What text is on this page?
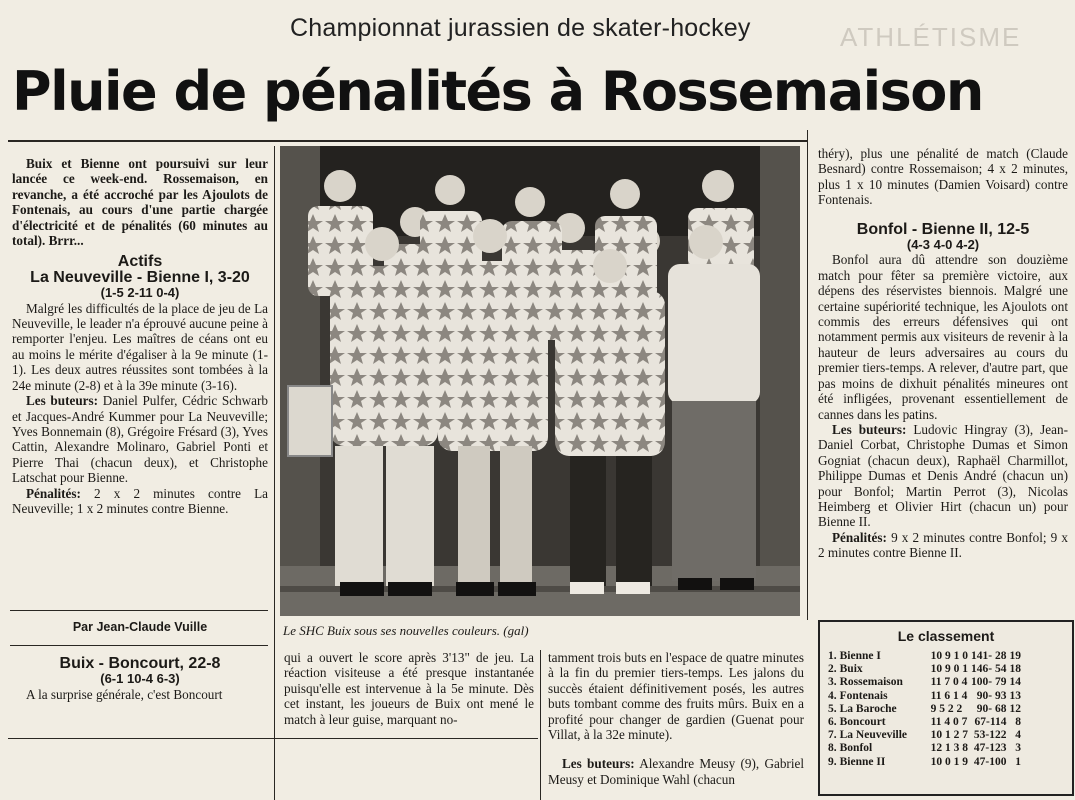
Championnat jurassien de skater-hockey	ATHLÉTISME
Pluie de pénalités à Rossemaison

Buix et Bienne ont poursuivi sur leur lancée ce week-end. Rossemaison, en revanche, a été accroché par les Ajoulots de Fontenais, au cours d'une partie chargée d'électricité et de pénalités (60 minutes au total). Brrr...

Actifs

La Neuveville - Bienne I, 3-20

(1-5 2-11 0-4)

Malgré les difficultés de la place de jeu de La Neuveville, le leader n'a éprouvé aucune peine à remporter l'enjeu. Les maîtres de céans ont eu au moins le mérite d'égaliser à la 9e minute (1-1). Les deux autres réussites sont tombées à la 24e minute (2-8) et à la 39e minute (3-16).

Les buteurs: Daniel Pulfer, Cédric Schwarb et Jacques-André Kummer pour La Neuveville; Yves Bonnemain (8), Grégoire Frésard (3), Yves Cattin, Alexandre Molinaro, Gabriel Ponti et Pierre Thai (chacun deux), et Christophe Latschat pour Bienne.

Pénalités: 2 x 2 minutes contre La Neuveville; 1 x 2 minutes contre Bienne.

Par Jean-Claude Vuille

Buix - Boncourt, 22-8

(6-1 10-4 6-3)

A la surprise générale, c'est Boncourt

Le SHC Buix sous ses nouvelles couleurs. (gal)

qui a ouvert le score après 3'13" de jeu. La réaction visiteuse a été presque instantanée puisqu'elle est intervenue à la 5e minute. Dès cet instant, les joueurs de Buix ont mené le match à leur guise, marquant no-

tamment trois buts en l'espace de quatre minutes à la fin du premier tiers-temps. Les jalons du succès étaient définitivement posés, les autres buts tombant comme des fruits mûrs. Buix en a profité pour changer de gardien (Guenat pour Villat, à la 32e minute).

Les buteurs: Alexandre Meusy (9), Gabriel Meusy et Dominique Wahl (chacun

théry), plus une pénalité de match (Claude Besnard) contre Rossemaison; 4 x 2 minutes, plus 1 x 10 minutes (Damien Voisard) contre Fontenais.

Bonfol - Bienne II, 12-5

(4-3 4-0 4-2)

Bonfol aura dû attendre son douzième match pour fêter sa première victoire, aux dépens des réservistes biennois. Malgré une certaine supériorité technique, les Ajoulots ont commis des erreurs défensives qui ont notamment permis aux visiteurs de revenir à la hauteur de leurs adversaires au cours du premier tiers-temps. A relever, d'autre part, que pas moins de dixhuit pénalités mineures ont été infligées, provenant essentiellement de cannes dans les patins.

Les buteurs: Ludovic Hingray (3), Jean-Daniel Corbat, Christophe Dumas et Simon Gogniat (chacun deux), Raphaël Charmillot, Philippe Dumas et Denis André (chacun un) pour Bonfol; Martin Perrot (3), Nicolas Heimberg et Olivier Hirt (chacun un) pour Bienne II.

Pénalités: 9 x 2 minutes contre Bonfol; 9 x 2 minutes contre Bienne II.

Le classement
1.	Bienne I	10 9 1 0	141- 28	19
2.	Buix	10 9 0 1	146- 54	18
3.	Rossemaison	11 7 0 4	100- 79	14
4.	Fontenais	11 6 1 4	90- 93	13
5.	La Baroche	9 5 2 2	90- 68	12
6.	Boncourt	11 4 0 7	67-114	8
7.	La Neuveville	10 1 2 7	53-122	4
8.	Bonfol	12 1 3 8	47-123	3
9.	Bienne II	10 0 1 9	47-100	1
